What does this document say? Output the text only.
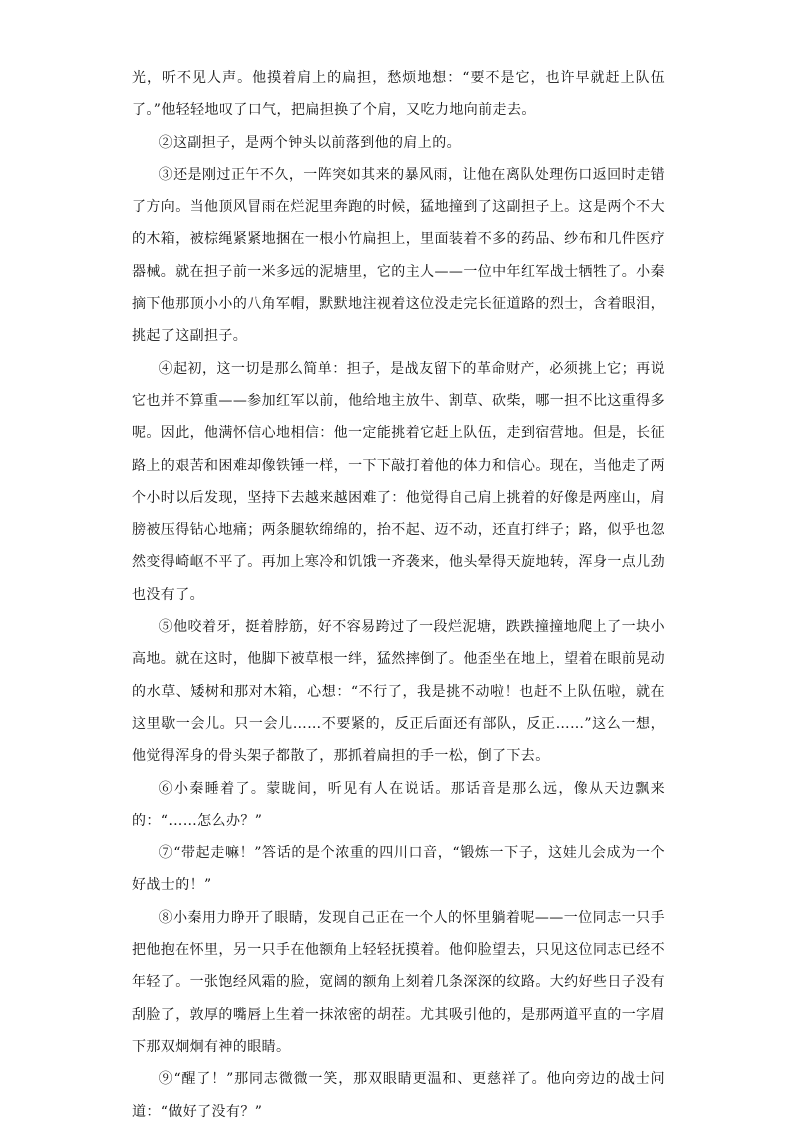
光，听不见人声。他摸着肩上的扁担，愁烦地想：“要不是它，也许早就赶上队伍了。”他轻轻地叹了口气，把扁担换了个肩，又吃力地向前走去。

②这副担子，是两个钟头以前落到他的肩上的。

③还是刚过正午不久，一阵突如其来的暴风雨，让他在离队处理伤口返回时走错了方向。当他顶风冒雨在烂泥里奔跑的时候，猛地撞到了这副担子上。这是两个不大的木箱，被棕绳紧紧地捆在一根小竹扁担上，里面装着不多的药品、纱布和几件医疗器械。就在担子前一米多远的泥塘里，它的主人——一位中年红军战士牺牲了。小秦摘下他那顶小小的八角军帽，默默地注视着这位没走完长征道路的烈士，含着眼泪，挑起了这副担子。

④起初，这一切是那么简单：担子，是战友留下的革命财产，必须挑上它；再说它也并不算重——参加红军以前，他给地主放牛、割草、砍柴，哪一担不比这重得多呢。因此，他满怀信心地相信：他一定能挑着它赶上队伍，走到宿营地。但是，长征路上的艰苦和困难却像铁锤一样，一下下敲打着他的体力和信心。现在，当他走了两个小时以后发现，坚持下去越来越困难了：他觉得自己肩上挑着的好像是两座山，肩膀被压得钻心地痛；两条腿软绵绵的，抬不起、迈不动，还直打绊子；路，似乎也忽然变得崎岖不平了。再加上寒冷和饥饿一齐袭来，他头晕得天旋地转，浑身一点儿劲也没有了。

⑤他咬着牙，挺着脖筋，好不容易跨过了一段烂泥塘，跌跌撞撞地爬上了一块小高地。就在这时，他脚下被草根一绊，猛然摔倒了。他歪坐在地上，望着在眼前晃动的水草、矮树和那对木箱，心想：“不行了，我是挑不动啦！也赶不上队伍啦，就在这里歇一会儿。只一会儿……不要紧的，反正后面还有部队，反正……”这么一想，他觉得浑身的骨头架子都散了，那抓着扁担的手一松，倒了下去。

⑥小秦睡着了。蒙眬间，听见有人在说话。那话音是那么远，像从天边飘来的：“……怎么办？”

⑦“带起走嘛！”答话的是个浓重的四川口音，“锻炼一下子，这娃儿会成为一个好战士的！”

⑧小秦用力睁开了眼睛，发现自己正在一个人的怀里躺着呢——一位同志一只手把他抱在怀里，另一只手在他额角上轻轻抚摸着。他仰脸望去，只见这位同志已经不年轻了。一张饱经风霜的脸，宽阔的额角上刻着几条深深的纹路。大约好些日子没有刮脸了，敦厚的嘴唇上生着一抹浓密的胡茬。尤其吸引他的，是那两道平直的一字眉下那双炯炯有神的眼睛。

⑨“醒了！”那同志微微一笑，那双眼睛更温和、更慈祥了。他向旁边的战士问道：“做好了没有？”
